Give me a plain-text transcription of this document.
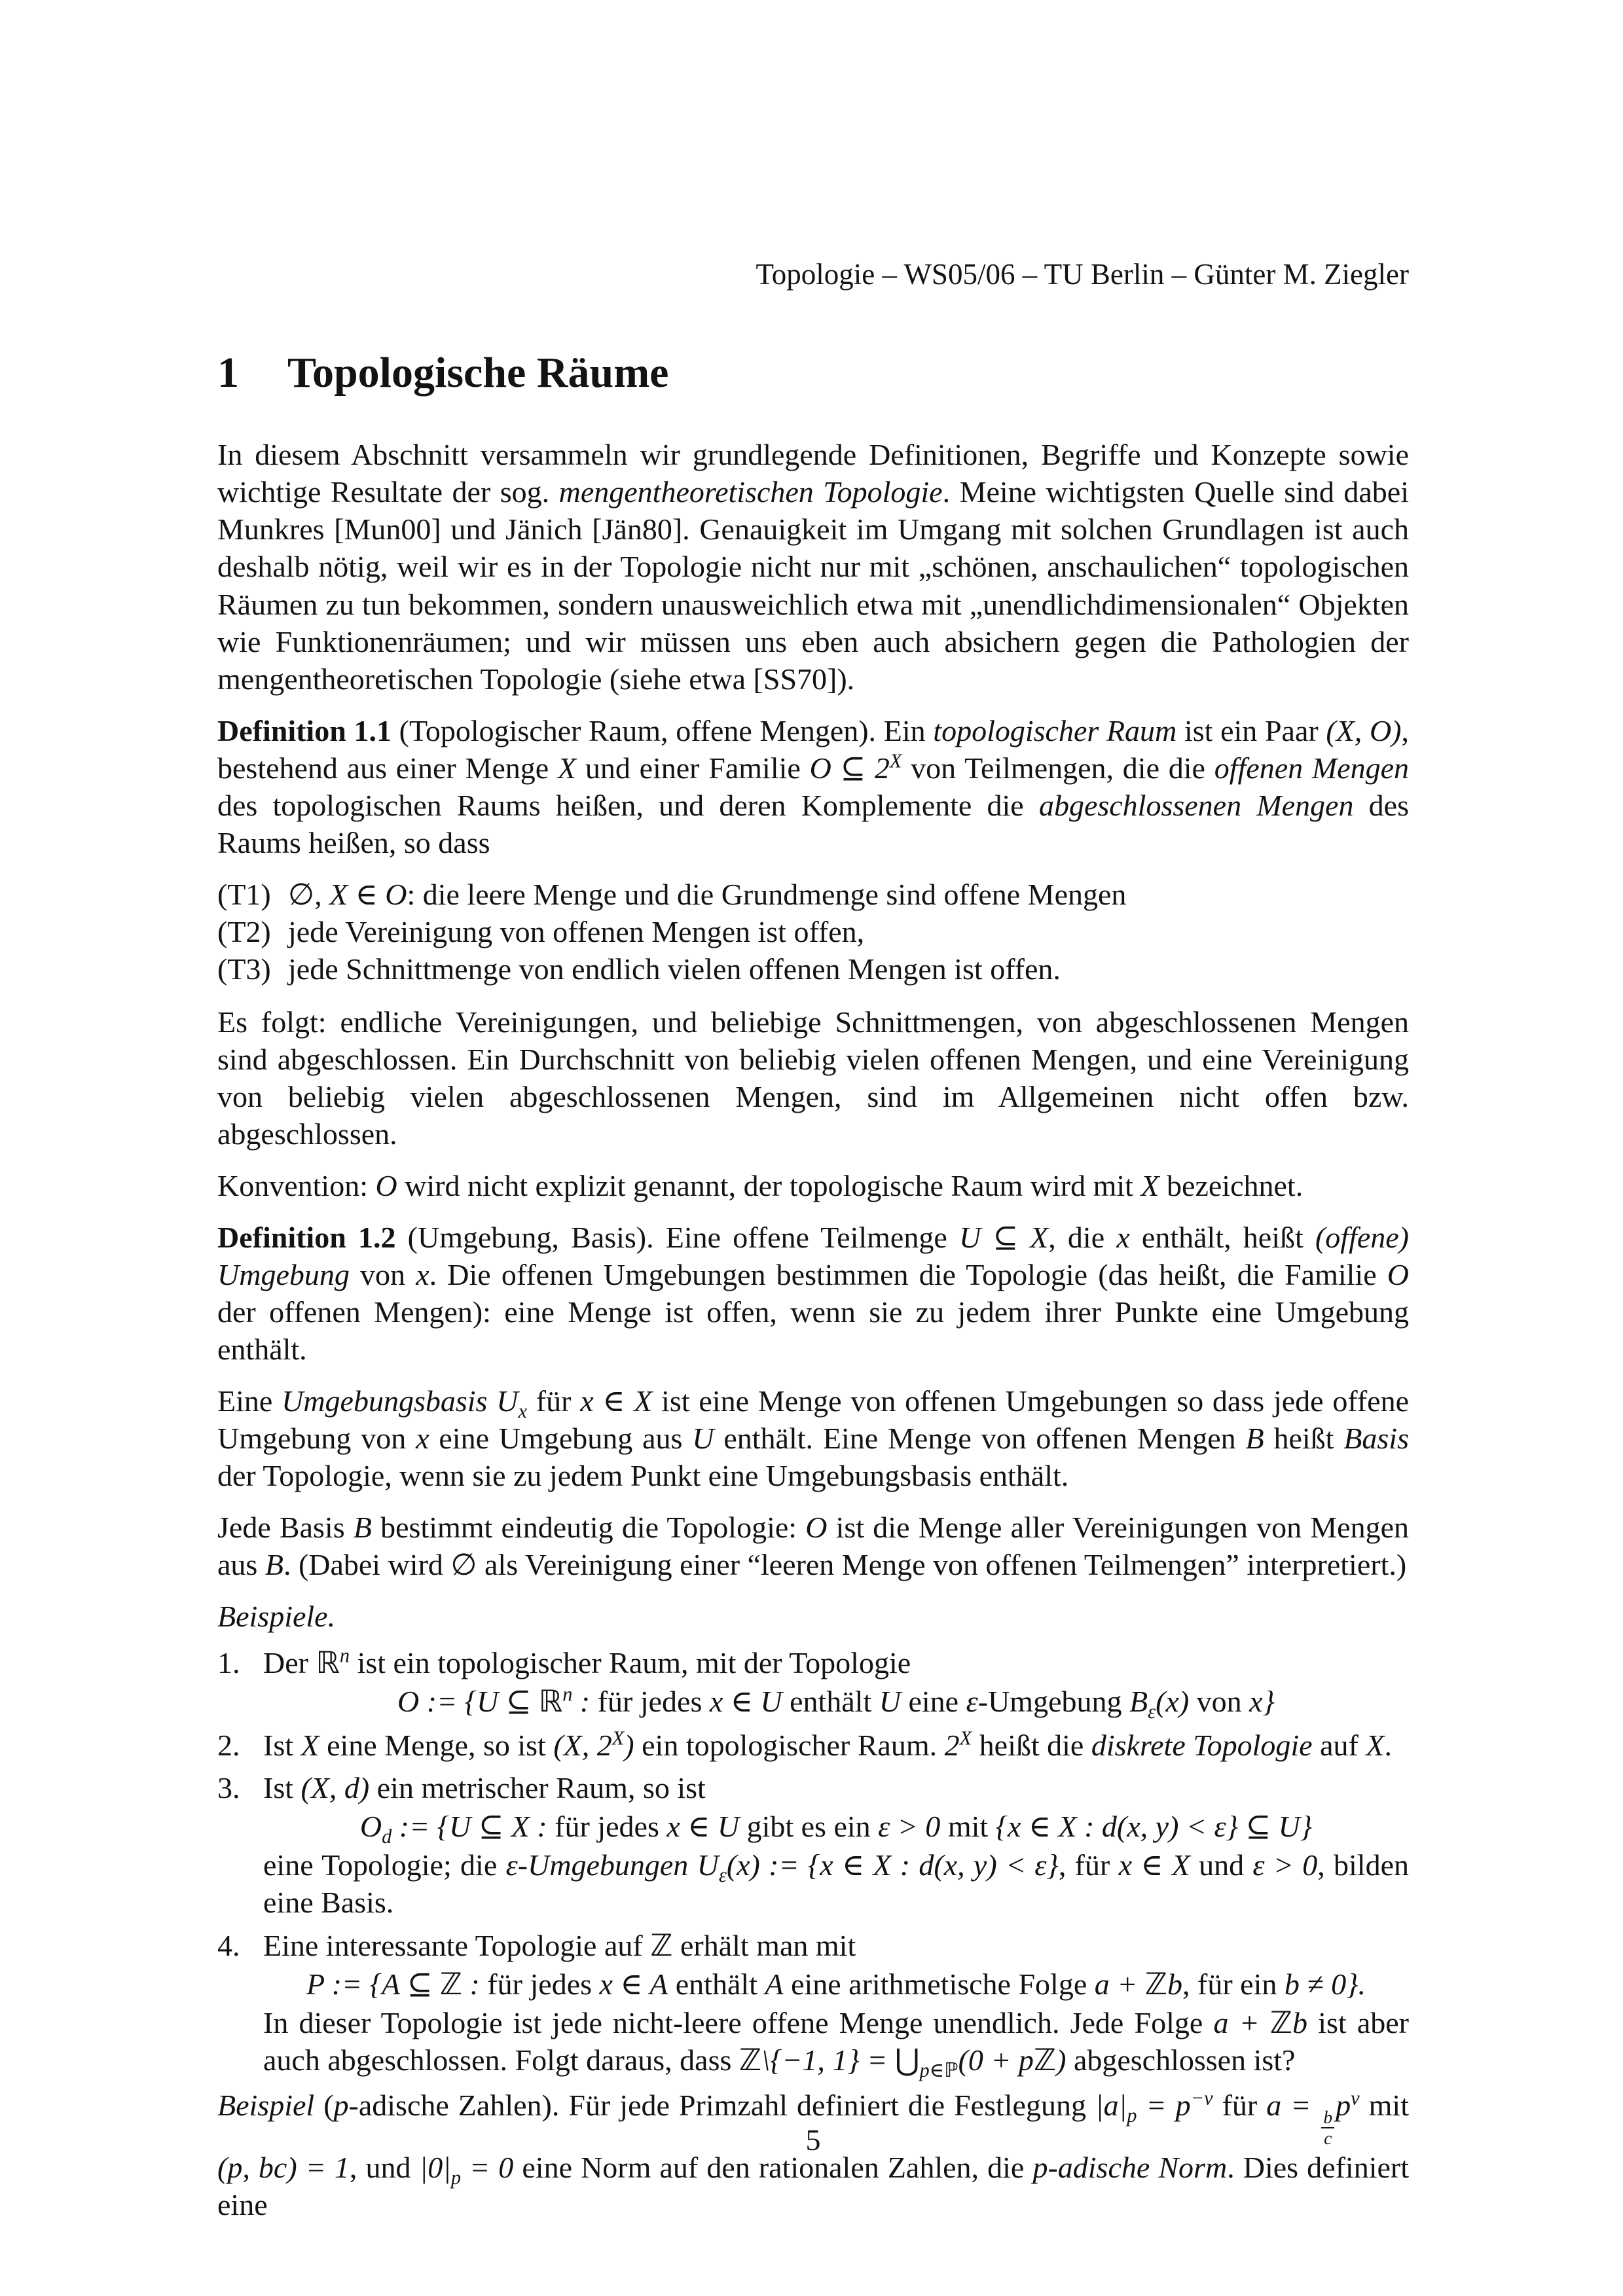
Topologie – WS05/06 – TU Berlin – Günter M. Ziegler
1 Topologische Räume

In diesem Abschnitt versammeln wir grundlegende Definitionen, Begriffe und Konzepte sowie wichtige Resultate der sog. mengentheoretischen Topologie. Meine wichtigsten Quelle sind dabei Munkres [Mun00] und Jänich [Jän80]. Genauigkeit im Umgang mit solchen Grundlagen ist auch deshalb nötig, weil wir es in der Topologie nicht nur mit „schönen, anschaulichen“ topologischen Räumen zu tun bekommen, sondern unausweichlich etwa mit „unendlichdimensionalen“ Objekten wie Funktionenräumen; und wir müssen uns eben auch absichern gegen die Pathologien der mengentheoretischen Topologie (siehe etwa [SS70]).

Definition 1.1 (Topologischer Raum, offene Mengen). Ein topologischer Raum ist ein Paar (X, O), bestehend aus einer Menge X und einer Familie O ⊆ $2^X$ von Teilmengen, die die offenen Mengen des topologischen Raums heißen, und deren Komplemente die abgeschlossenen Mengen des Raums heißen, so dass

(T1) ∅, X ∈ O: die leere Menge und die Grundmenge sind offene Mengen
(T2) jede Vereinigung von offenen Mengen ist offen,
(T3) jede Schnittmenge von endlich vielen offenen Mengen ist offen.

Es folgt: endliche Vereinigungen, und beliebige Schnittmengen, von abgeschlossenen Mengen sind abgeschlossen. Ein Durchschnitt von beliebig vielen offenen Mengen, und eine Vereinigung von beliebig vielen abgeschlossenen Mengen, sind im Allgemeinen nicht offen bzw. abgeschlossen.

Konvention: O wird nicht explizit genannt, der topologische Raum wird mit X bezeichnet.

Definition 1.2 (Umgebung, Basis). Eine offene Teilmenge U ⊆ X, die x enthält, heißt (offene) Umgebung von x. Die offenen Umgebungen bestimmen die Topologie (das heißt, die Familie O der offenen Mengen): eine Menge ist offen, wenn sie zu jedem ihrer Punkte eine Umgebung enthält.

Eine Umgebungsbasis $U_x$ für x ∈ X ist eine Menge von offenen Umgebungen so dass jede offene Umgebung von x eine Umgebung aus U enthält. Eine Menge von offenen Mengen B heißt Basis der Topologie, wenn sie zu jedem Punkt eine Umgebungsbasis enthält.

Jede Basis B bestimmt eindeutig die Topologie: O ist die Menge aller Vereinigungen von Mengen aus B. (Dabei wird ∅ als Vereinigung einer “leeren Menge von offenen Teilmengen” interpretiert.)

Beispiele.

1. Der ℝ$^n$ ist ein topologischer Raum, mit der Topologie
O := {U ⊆ ℝ$^n$ : für jedes x ∈ U enthält U eine ε-Umgebung $B_\varepsilon(x)$ von x}
2. Ist X eine Menge, so ist (X, $2^X$) ein topologischer Raum. $2^X$ heißt die diskrete Topologie auf X.
3. Ist (X, d) ein metrischer Raum, so ist
$O_d$ := {U ⊆ X : für jedes x ∈ U gibt es ein ε > 0 mit {x ∈ X : d(x, y) < ε} ⊆ U}
eine Topologie; die ε-Umgebungen $U_\varepsilon(x)$ := {x ∈ X : d(x, y) < ε}, für x ∈ X und ε > 0, bilden eine Basis.
4. Eine interessante Topologie auf ℤ erhält man mit
P := {A ⊆ ℤ : für jedes x ∈ A enthält A eine arithmetische Folge a + ℤb, für ein b ≠ 0}.
In dieser Topologie ist jede nicht-leere offene Menge unendlich. Jede Folge a + ℤb ist aber auch abgeschlossen. Folgt daraus, dass ℤ\{−1, $1\} = ⋃_{p\in ℙ}(0$ + pℤ) abgeschlossen ist?

Beispiel (p-adische Zahlen). Für jede Primzahl definiert die Festlegung $|a|_p = p^{-\nu}$ für a =
$\frac{b}{c}$
$p^\nu$ mit (p, bc) = 1, und $|0|_p = 0$ eine Norm auf den rationalen Zahlen, die p-adische Norm. Dies definiert eine

5
